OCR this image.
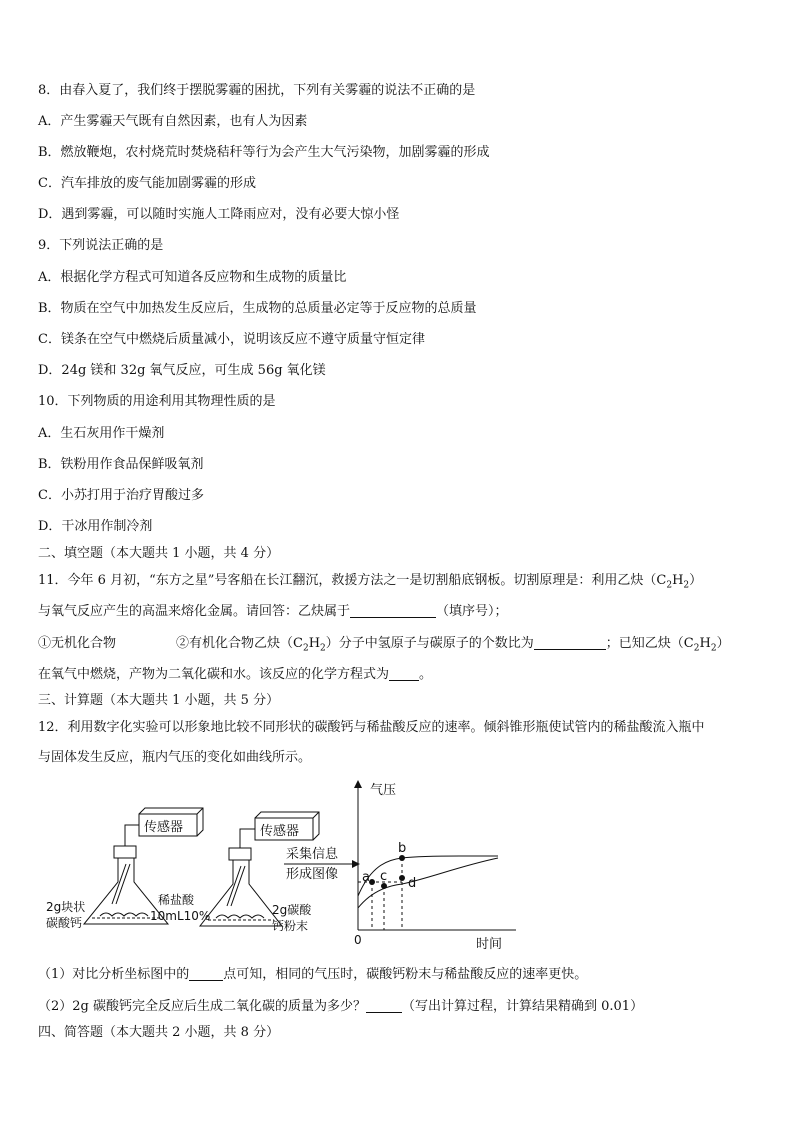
8．由春入夏了，我们终于摆脱雾霾的困扰，下列有关雾霾的说法不正确的是
A．产生雾霾天气既有自然因素，也有人为因素
B．燃放鞭炮，农村烧荒时焚烧秸秆等行为会产生大气污染物，加剧雾霾的形成
C．汽车排放的废气能加剧雾霾的形成
D．遇到雾霾，可以随时实施人工降雨应对，没有必要大惊小怪
9．下列说法正确的是
A．根据化学方程式可知道各反应物和生成物的质量比
B．物质在空气中加热发生反应后，生成物的总质量必定等于反应物的总质量
C．镁条在空气中燃烧后质量减小，说明该反应不遵守质量守恒定律
D．24g 镁和 32g 氧气反应，可生成 56g 氧化镁
10．下列物质的用途利用其物理性质的是
A．生石灰用作干燥剂
B．铁粉用作食品保鲜吸氧剂
C．小苏打用于治疗胃酸过多
D．干冰用作制冷剂
二、填空题（本大题共 1 小题，共 4 分）
11．今年 6 月初，“东方之星”号客船在长江翻沉，救援方法之一是切割船底钢板。切割原理是：利用乙炔$(C_2H_2)$
与氧气反应产生的高温来熔化金属。请回答：乙炔属于	（填序号）；
①无机化合物	②有机化合物乙炔$(C_2H_2)$分子中氢原子与碳原子的个数比为	；已知乙炔$(C_2H_2)$
在氧气中燃烧，产物为二氧化碳和水。该反应的化学方程式为 。
三、计算题（本大题共 1 小题，共 5 分）
12．利用数字化实验可以形象地比较不同形状的碳酸钙与稀盐酸反应的速率。倾斜锥形瓶使试管内的稀盐酸流入瓶中
与固体发生反应，瓶内气压的变化如曲线所示。
传感器
2g块状
碳酸钙
稀盐酸
10mL10%
传感器
2g碳酸
钙粉末
采集信息
形成图像
气压
时间
0
a c
b
d
（1）对比分析坐标图中的	点可知，相同的气压时，碳酸钙粉末与稀盐酸反应的速率更快。
（2）2g 碳酸钙完全反应后生成二氧化碳的质量为多少？	（写出计算过程，计算结果精确到 0.01）
四、简答题（本大题共 2 小题，共 8 分）
